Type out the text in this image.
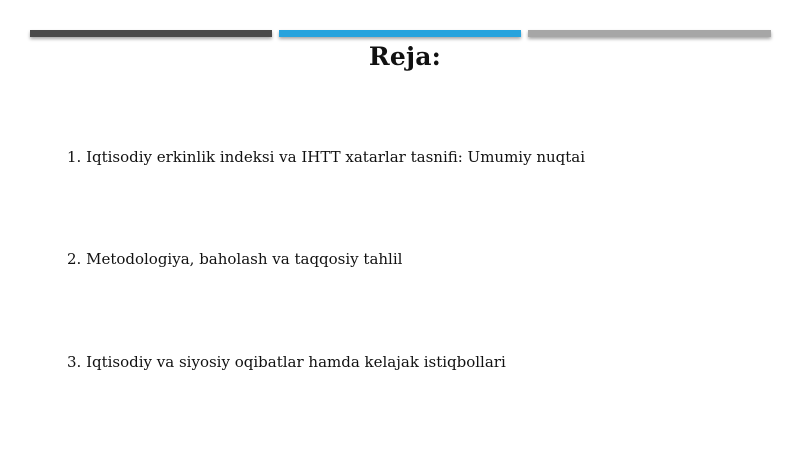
Reja:
1. Iqtisodiy erkinlik indeksi va IHTT xatarlar tasnifi: Umumiy nuqtai
2. Metodologiya, baholash va taqqosiy tahlil
3. Iqtisodiy va siyosiy oqibatlar hamda kelajak istiqbollari
